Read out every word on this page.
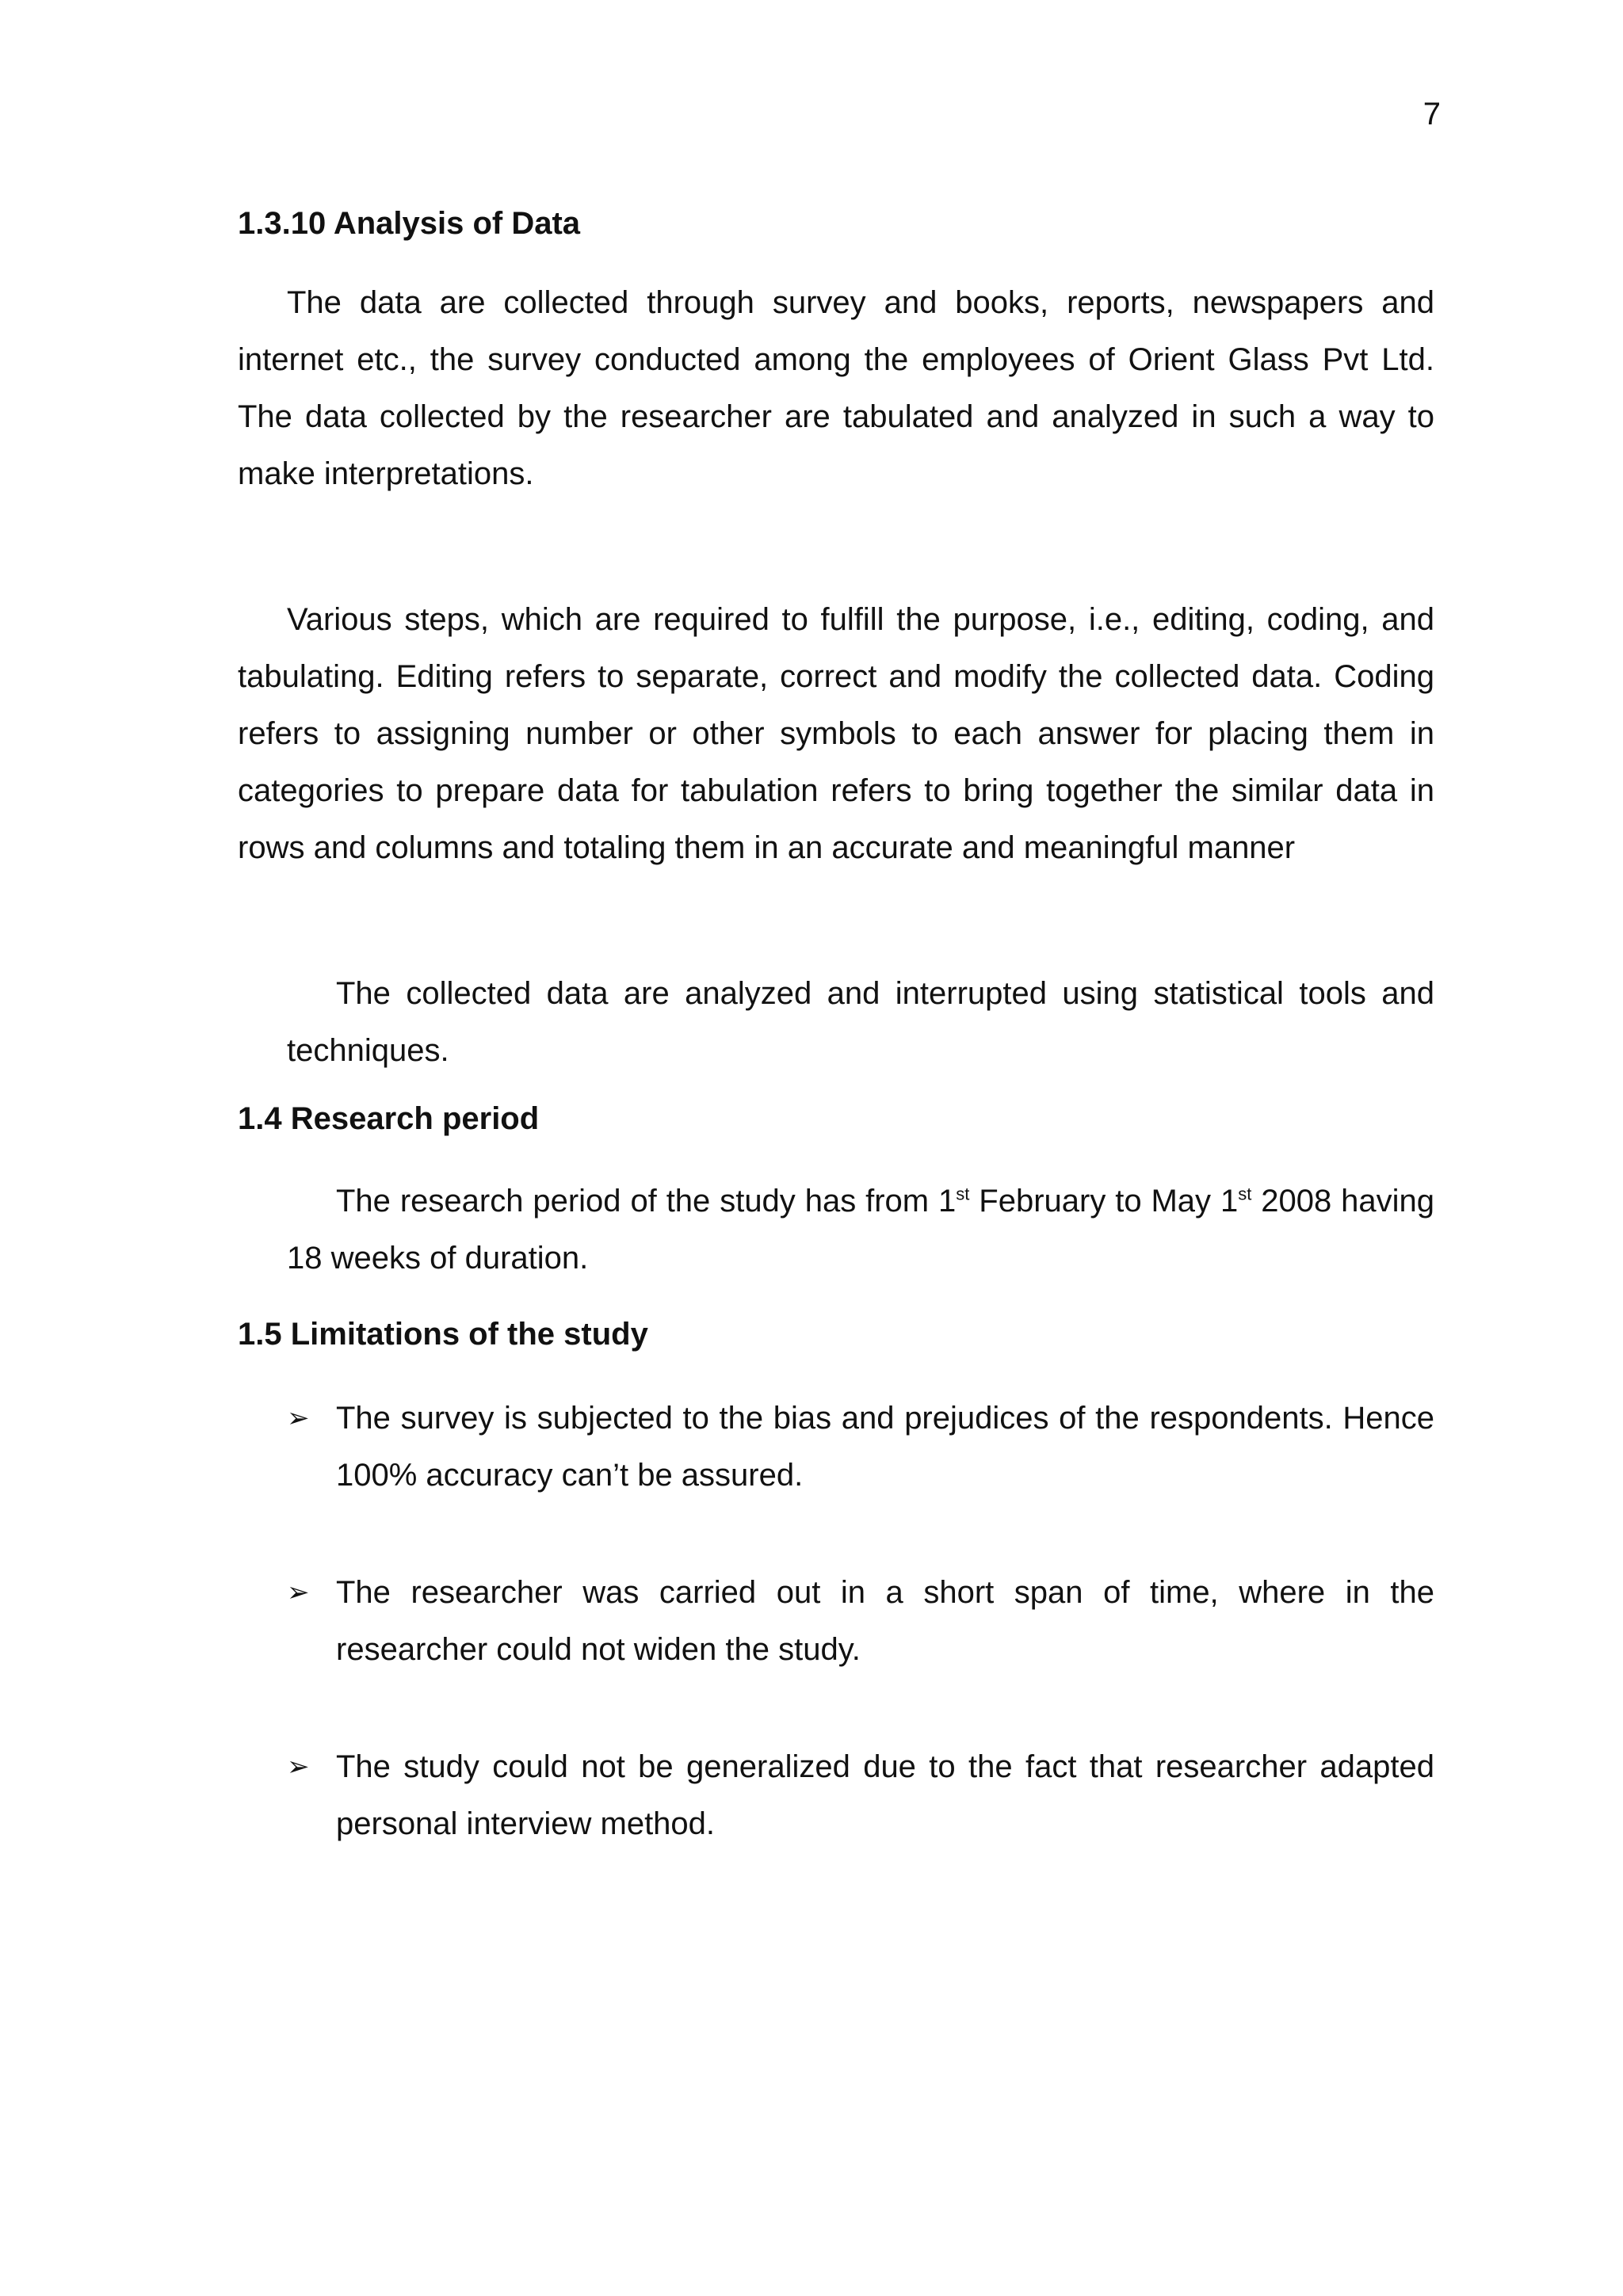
7
1.3.10 Analysis of Data

The data are collected through survey and books, reports, newspapers and internet etc., the survey conducted among the employees of Orient Glass Pvt Ltd. The data collected by the researcher are tabulated and analyzed in such a way to make interpretations.

Various steps, which are required to fulfill the purpose, i.e., editing, coding, and tabulating. Editing refers to separate, correct and modify the collected data. Coding refers to assigning number or other symbols to each answer for placing them in categories to prepare data for tabulation refers to bring together the similar data in rows and columns and totaling them in an accurate and meaningful manner

The collected data are analyzed and interrupted using statistical tools and techniques.

1.4 Research period

The research period of the study has from 1st February to May 1st 2008 having 18 weeks of duration.

1.5 Limitations of the study
➢ The survey is subjected to the bias and prejudices of the respondents. Hence 100% accuracy can’t be assured.
➢ The researcher was carried out in a short span of time, where in the researcher could not widen the study.
➢ The study could not be generalized due to the fact that researcher adapted personal interview method.
